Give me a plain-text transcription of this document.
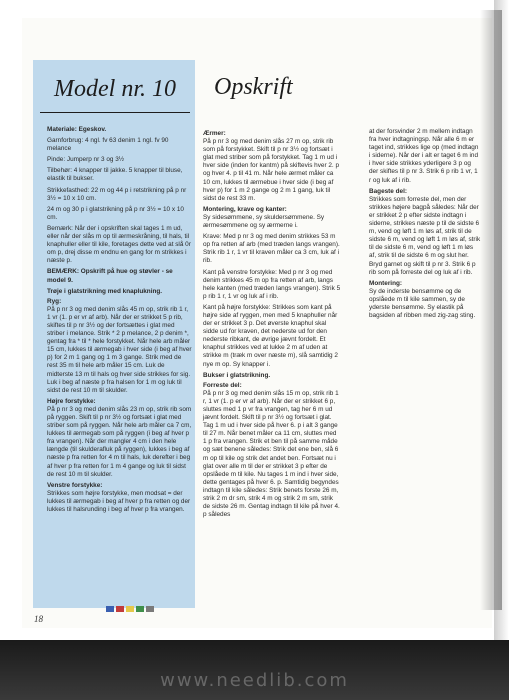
Model nr. 10	Opskrift

Materiale: Egeskov.

Garnforbrug: 4 ngl. fv 63 denim 1 ngl. fv 90 melance

Pinde: Jumperp nr 3 og 3½

Tilbehør: 4 knapper til jakke. 5 knapper til bluse, elastik til bukser.

Strikkefasthed: 22 m og 44 p i retstrikning på p nr 3½ = 10 x 10 cm.

24 m og 30 p i glatstrikning på p nr 3½ = 10 x 10 cm.

Bemærk: Når der i opskriften skal tages 1 m ud, eller når der slås m op til ærmeskråning, til hals, til knaphuller eller til kile, foretages dette ved at slå 0r om p, drej disse m endnu en gang for m strikkes i næste p.

BEMÆRK: Opskrift på hue og støvler - se model 9.

Trøje i glatstrikning med knaplukning.

Ryg:

På p nr 3 og med denim slås 45 m op, strik rib 1 r, 1 vr (1. p er vr af arb). Når der er strikket 5 p rib, skiftes til p nr 3½ og der fortsættes i glat med striber i melance. Strik * 2 p melance, 2 p denim *, gentag fra * til * hele forstykket. Når hele arb måler 15 cm, lukkes til ærmegab i hver side (i beg af hver p) for 2 m 1 gang og 1 m 3 gange. Strik med de rest 35 m til hele arb måler 15 cm. Luk de midterste 13 m til hals og hver side strikkes for sig. Luk i beg af næste p fra halsen for 1 m og luk til sidst de rest 10 m til skulder.

Højre forstykke:

På p nr 3 og med denim slås 23 m op, strik rib som på ryggen. Skift til p nr 3½ og fortsæt i glat med striber som på ryggen. Når hele arb måler ca 7 cm, lukkes til ærmegab som på ryggen (i beg af hver p fra vrangen). Når der mangler 4 cm i den hele længde (til skulderafluk på ryggen), lukkes i beg af næste p fra retten for 4 m til hals, luk derefter i beg af hver p fra retten for 1 m 4 gange og luk til sidst de rest 10 m til skulder.

Venstre forstykke:

Strikkes som højre forstykke, men modsat = der lukkes til ærmegab i beg af hver p fra retten og der lukkes til halsrunding i beg af hver p fra vrangen.

Ærmer:

På p nr 3 og med denim slås 27 m op, strik rib som på forstykket. Skift til p nr 3½ og fortsæt i glat med striber som på forstykket. Tag 1 m ud i hver side (inden for kantm) på skiftevis hver 2. p og hver 4. p til 41 m. Når hele ærmet måler ca 10 cm, lukkes til ærmebue i hver side (i beg af hver p) for 1 m 2 gange og 2 m 1 gang, luk til sidst de rest 33 m.

Montering, krave og kanter:

Sy sidesømmene, sy skuldersømmene. Sy ærmesømmene og sy ærmerne i.

Krave: Med p nr 3 og med denim strikkes 53 m op fra retten af arb (med træden langs vrangen). Strik rib 1 r, 1 vr til kraven måler ca 3 cm, luk af i rib.

Kant på venstre forstykke: Med p nr 3 og med denim strikkes 45 m op fra retten af arb, langs hele kanten (med træden langs vrangen). Strik 5 p rib 1 r, 1 vr og luk af i rib.

Kant på højre forstykke: Strikkes som kant på højre side af ryggen, men med 5 knaphuller når der er strikket 3 p. Det øverste knaphul skal sidde ud for kraven, det nederste ud for den nederste ribkant, de øvrige jævnt fordelt. Et knaphul strikkes ved at lukke 2 m af uden at strikke m (træk m over næste m), slå samtidig 2 nye m op. Sy knapper i.

Bukser i glatstrikning.

Forreste del:

På p nr 3 og med denim slås 15 m op, strik rib 1 r, 1 vr (1. p er vr af arb). Når der er strikket 6 p, sluttes med 1 p vr fra vrangen, tag her 6 m ud jævnt fordelt. Skift til p nr 3½ og fortsæt i glat. Tag 1 m ud i hver side på hver 6. p i alt 3 gange til 27 m. Når benet måler ca 11 cm, sluttes med 1 p fra vrangen. Strik et ben til på samme måde og sæt benene således: Strik det ene ben, slå 6 m op til kile og strik det andet ben. Fortsæt nu i glat over alle m til der er strikket 3 p efter de opslåede m til kile. Nu tages 1 m ind i hver side, dette gentages på hver 6. p. Samtidig begyndes indtagn til kile således: Strik benets forste 26 m, strik 2 m dr sm, strik 4 m og strik 2 m sm, strik de sidste 26 m. Gentag indtagn til kile på hver 4. p således

at der forsvinder 2 m mellem indtagn fra hver indtagningsp. Når alle 6 m er taget ind, strikkes lige op (med indtagn i siderne). Når der i alt er taget 6 m ind i hver side strikkes yderligere 3 p og der skiftes til p nr 3. Strik 6 p rib 1 vr, 1 r og luk af i rib.

Bageste del:

Strikkes som forreste del, men der strikkes højere bagpå således: Når der er strikket 2 p efter sidste indtagn i siderne, strikkes næste p til de sidste 6 m, vend og løft 1 m løs af, strik til de sidste 6 m, vend og løft 1 m løs af, strik til de sidste 6 m, vend og løft 1 m løs af, strik til de sidste 6 m og slut her. Bryd garnet og skift til p nr 3. Strik 6 p rib som på forreste del og luk af i rib.

Montering:

Sy de inderste bensømme og de opslåede m til kile sammen, sy de yderste bensømme. Sy elastik på bagsiden af ribben med zig-zag sting.

18
www.needlib.com
